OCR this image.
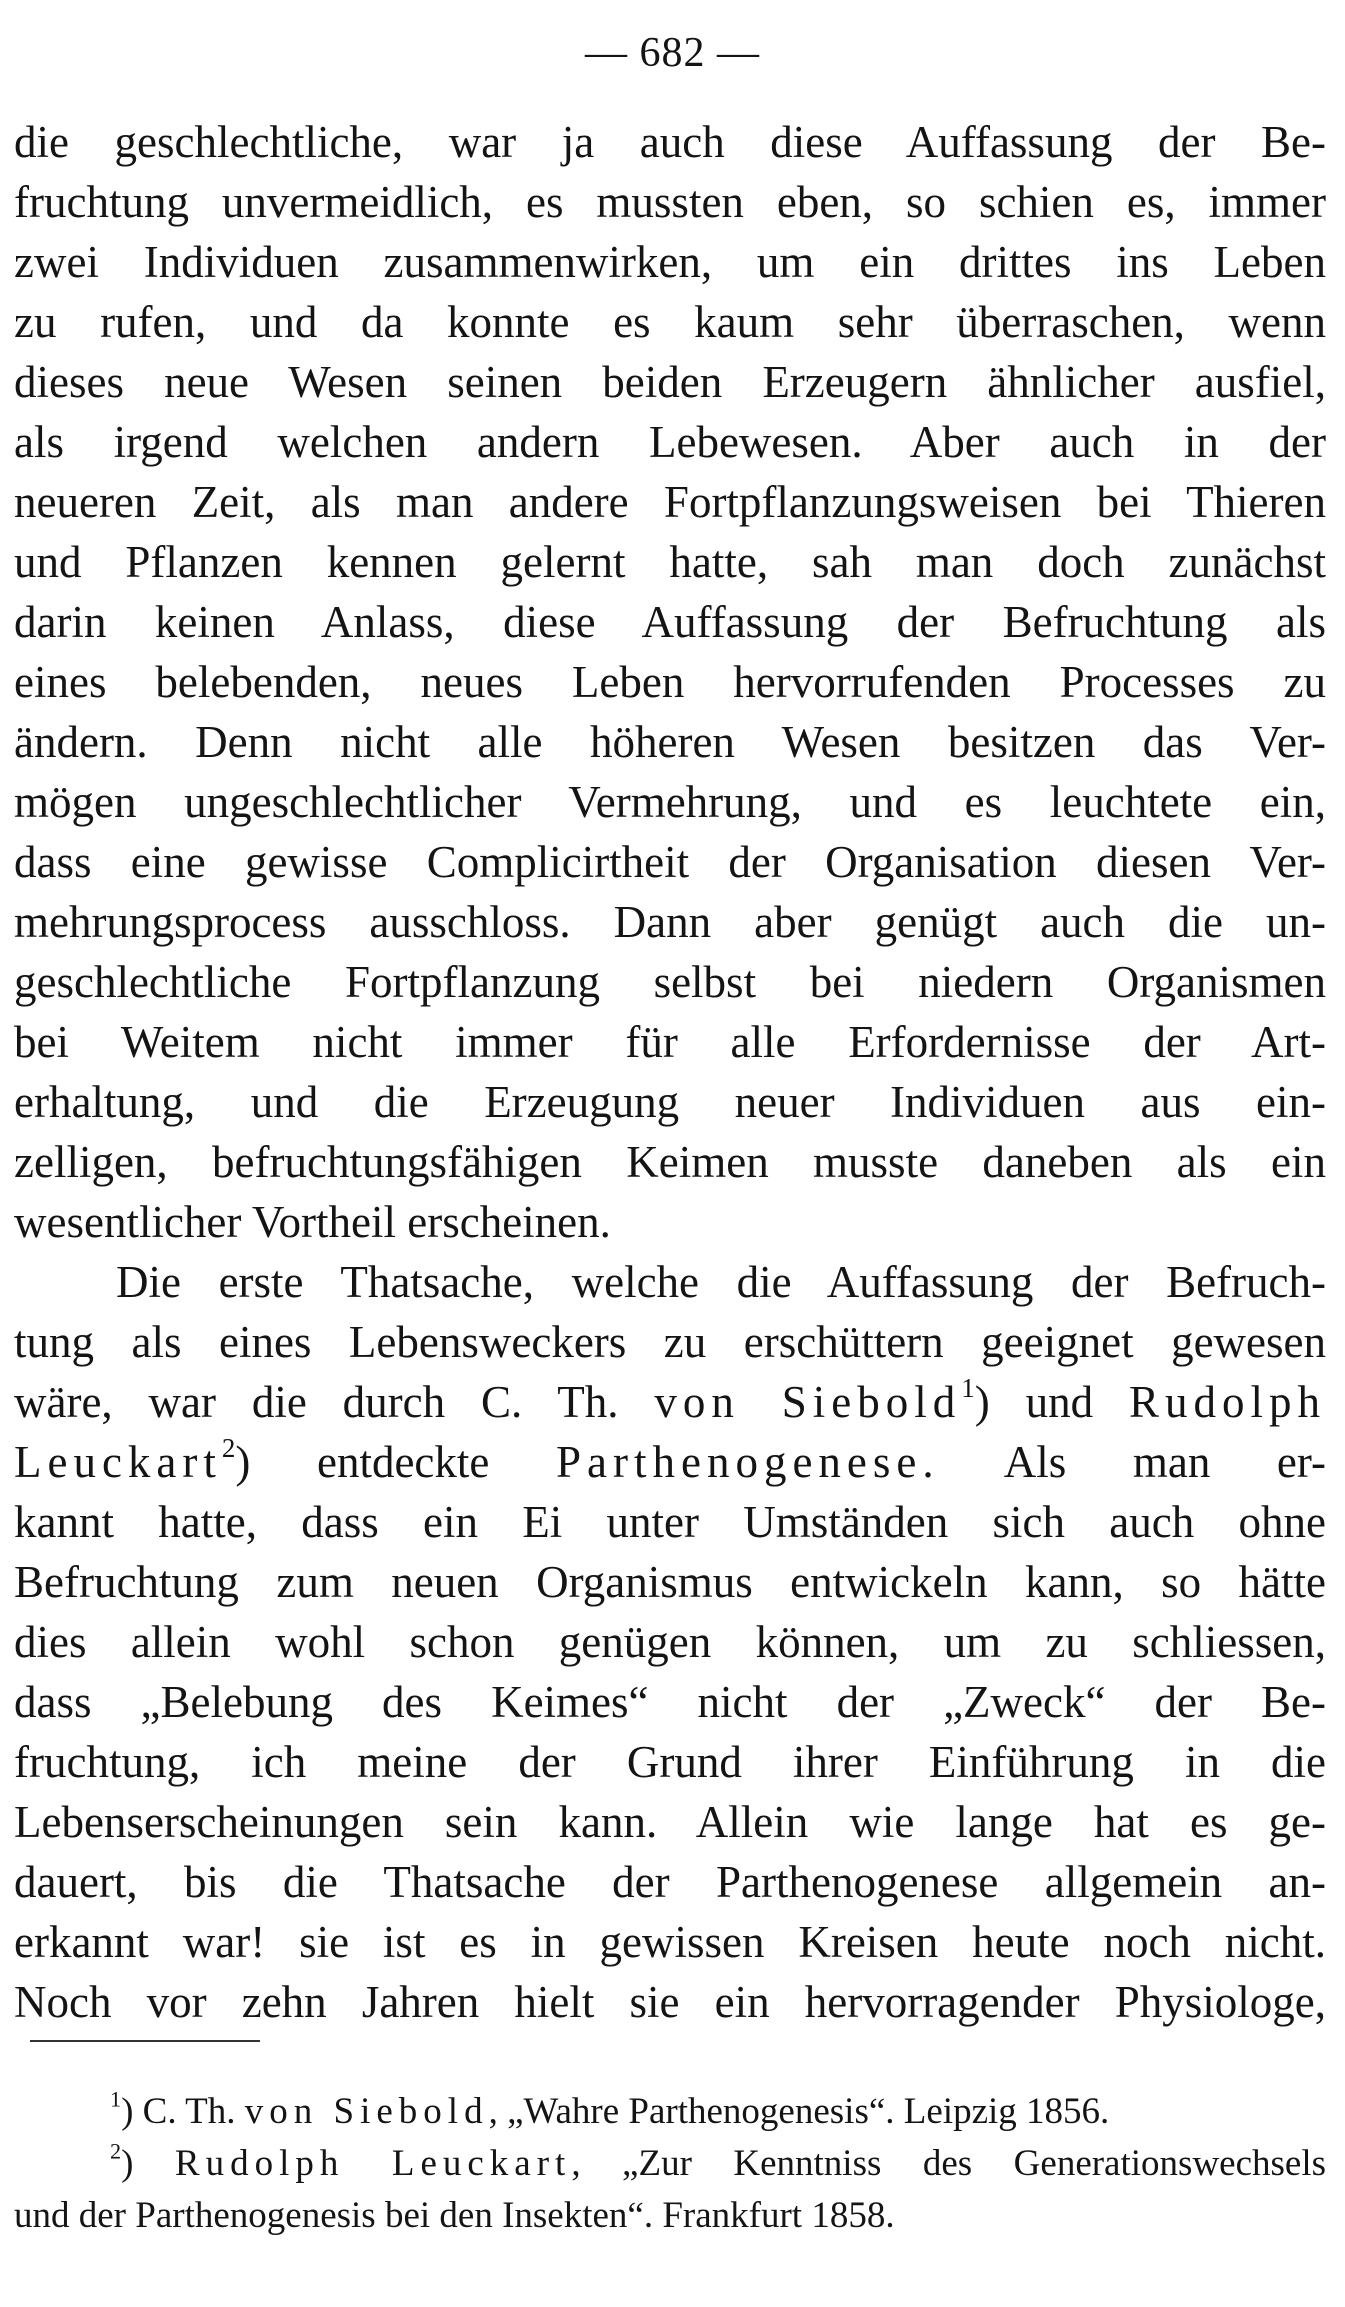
— 682 —
die geschlechtliche, war ja auch diese Auffassung der Be-
fruchtung unvermeidlich, es mussten eben, so schien es, immer
zwei Individuen zusammenwirken, um ein drittes ins Leben
zu rufen, und da konnte es kaum sehr überraschen, wenn
dieses neue Wesen seinen beiden Erzeugern ähnlicher ausfiel,
als irgend welchen andern Lebewesen. Aber auch in der
neueren Zeit, als man andere Fortpflanzungsweisen bei Thieren
und Pflanzen kennen gelernt hatte, sah man doch zunächst
darin keinen Anlass, diese Auffassung der Befruchtung als
eines belebenden, neues Leben hervorrufenden Processes zu
ändern. Denn nicht alle höheren Wesen besitzen das Ver-
mögen ungeschlechtlicher Vermehrung, und es leuchtete ein,
dass eine gewisse Complicirtheit der Organisation diesen Ver-
mehrungsprocess ausschloss. Dann aber genügt auch die un-
geschlechtliche Fortpflanzung selbst bei niedern Organismen
bei Weitem nicht immer für alle Erfordernisse der Art-
erhaltung, und die Erzeugung neuer Individuen aus ein-
zelligen, befruchtungsfähigen Keimen musste daneben als ein
wesentlicher Vortheil erscheinen.
Die erste Thatsache, welche die Auffassung der Befruch-
tung als eines Lebensweckers zu erschüttern geeignet gewesen
wäre, war die durch C. Th. von Siebold$^1$) und Rudolph
Leuckart$^2$) entdeckte Parthenogenese. Als man er-
kannt hatte, dass ein Ei unter Umständen sich auch ohne
Befruchtung zum neuen Organismus entwickeln kann, so hätte
dies allein wohl schon genügen können, um zu schliessen,
dass „Belebung des Keimes“ nicht der „Zweck“ der Be-
fruchtung, ich meine der Grund ihrer Einführung in die
Lebenserscheinungen sein kann. Allein wie lange hat es ge-
dauert, bis die Thatsache der Parthenogenese allgemein an-
erkannt war! sie ist es in gewissen Kreisen heute noch nicht.
Noch vor zehn Jahren hielt sie ein hervorragender Physiologe,
$^1$) C. Th. von Siebold, „Wahre Parthenogenesis“. Leipzig 1856.
$^2$) Rudolph Leuckart, „Zur Kenntniss des Generationswechsels
und der Parthenogenesis bei den Insekten“. Frankfurt 1858.
